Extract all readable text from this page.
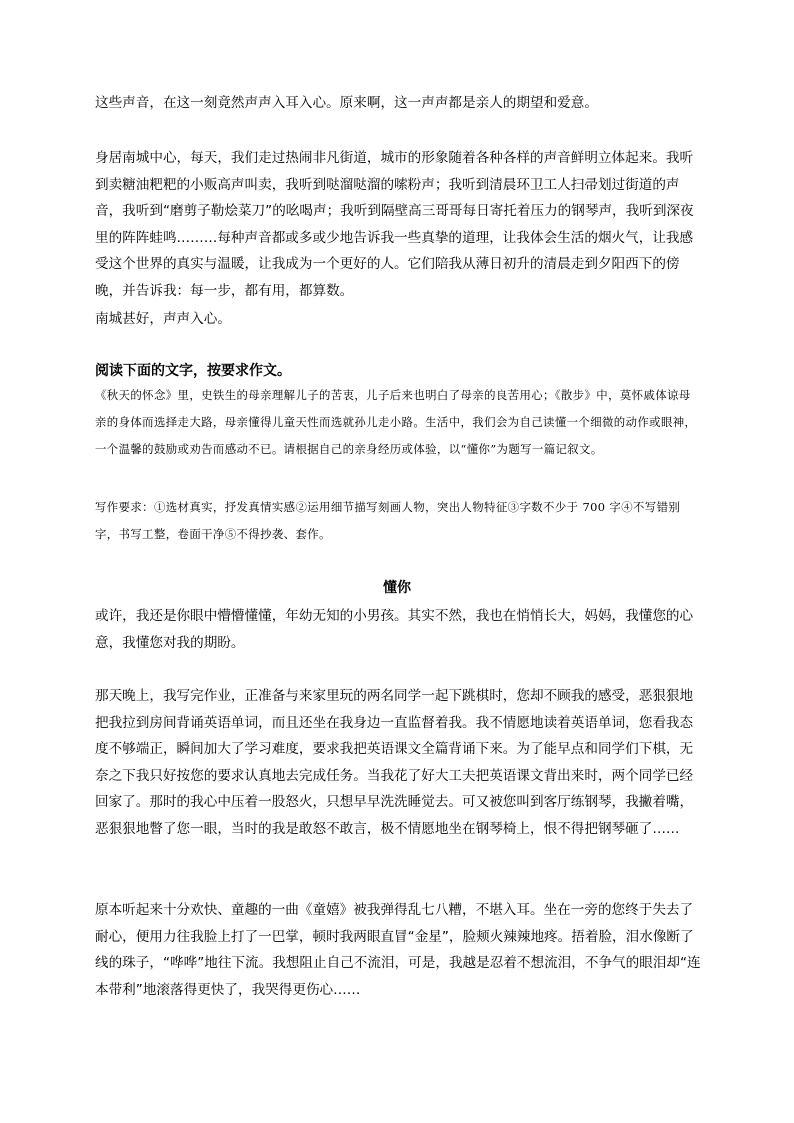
这些声音，在这一刻竟然声声入耳入心。原来啊，这一声声都是亲人的期望和爱意。

身居南城中心，每天，我们走过热闹非凡街道，城市的形象随着各种各样的声音鲜明立体起来。我听到卖糖油粑粑的小贩高声叫卖，我听到哒溜哒溜的嗦粉声；我听到清晨环卫工人扫帚划过街道的声音，我听到“磨剪子勒烩菜刀”的吆喝声；我听到隔壁高三哥哥每日寄托着压力的钢琴声，我听到深夜里的阵阵蛙鸣………每种声音都或多或少地告诉我一些真挚的道理，让我体会生活的烟火气，让我感受这个世界的真实与温暖，让我成为一个更好的人。它们陪我从薄日初升的清晨走到夕阳西下的傍晚，并告诉我：每一步，都有用，都算数。

南城甚好，声声入心。

阅读下面的文字，按要求作文。
《秋天的怀念》里，史铁生的母亲理解儿子的苦衷，儿子后来也明白了母亲的良苦用心；《散步》中，莫怀戚体谅母亲的身体而选择走大路，母亲懂得儿童天性而选就孙儿走小路。生活中，我们会为自己读懂一个细微的动作或眼神，一个温馨的鼓励或劝告而感动不已。请根据自己的亲身经历或体验，以“懂你”为题写一篇记叙文。
写作要求：①选材真实，抒发真情实感②运用细节描写刻画人物，突出人物特征③字数不少于 700 字④不写错别字，书写工整，卷面干净⑤不得抄袭、套作。
懂你

或许，我还是你眼中懵懵懂懂，年幼无知的小男孩。其实不然，我也在悄悄长大，妈妈，我懂您的心意，我懂您对我的期盼。

那天晚上，我写完作业，正准备与来家里玩的两名同学一起下跳棋时，您却不顾我的感受，恶狠狠地把我拉到房间背诵英语单词，而且还坐在我身边一直监督着我。我不情愿地读着英语单词，您看我态度不够端正，瞬间加大了学习难度，要求我把英语课文全篇背诵下来。为了能早点和同学们下棋，无奈之下我只好按您的要求认真地去完成任务。当我花了好大工夫把英语课文背出来时，两个同学已经回家了。那时的我心中压着一股怒火，只想早早洗洗睡觉去。可又被您叫到客厅练钢琴，我撇着嘴，恶狠狠地瞥了您一眼，当时的我是敢怒不敢言，极不情愿地坐在钢琴椅上，恨不得把钢琴砸了……

原本听起来十分欢快、童趣的一曲《童嬉》被我弹得乱七八糟，不堪入耳。坐在一旁的您终于失去了耐心，便用力往我脸上打了一巴掌，顿时我两眼直冒“金星”，脸颊火辣辣地疼。捂着脸，泪水像断了线的珠子，“哗哗”地往下流。我想阻止自己不流泪，可是，我越是忍着不想流泪，不争气的眼泪却“连本带利”地滚落得更快了，我哭得更伤心……
